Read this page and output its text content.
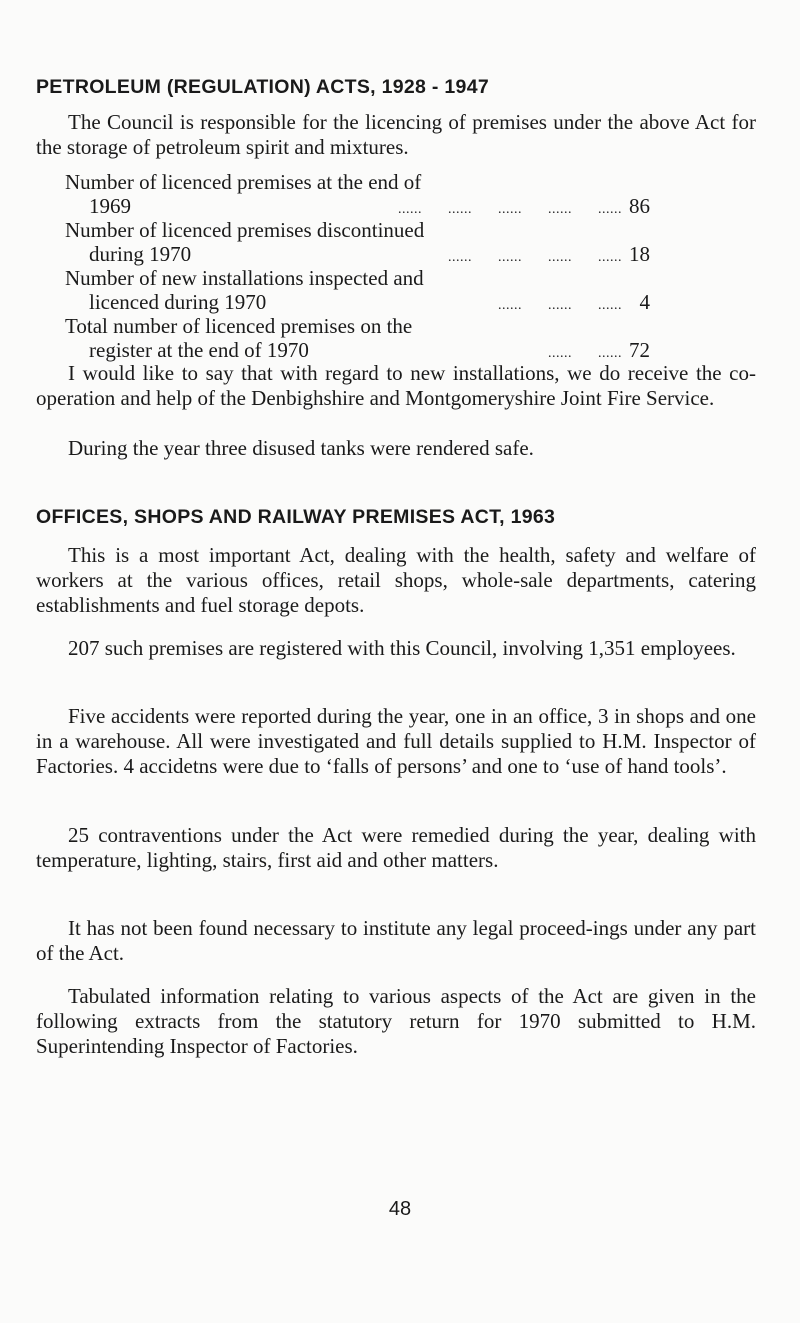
PETROLEUM (REGULATION) ACTS, 1928 - 1947

The Council is responsible for the licencing of premises under the above Act for the storage of petroleum spirit and mixtures.

Number of licenced premises at the end of
1969	...... ...... ...... ...... ...... 86
Number of licenced premises discontinued
during 1970	...... ...... ...... ...... 18
Number of new installations inspected and
licenced during 1970	...... ...... ...... 4
Total number of licenced premises on the
register at the end of 1970	...... ...... 72

I would like to say that with regard to new installations, we do receive the co-operation and help of the Denbighshire and Montgomeryshire Joint Fire Service.

During the year three disused tanks were rendered safe.

OFFICES, SHOPS AND RAILWAY PREMISES ACT, 1963

This is a most important Act, dealing with the health, safety and welfare of workers at the various offices, retail shops, whole-sale departments, catering establishments and fuel storage depots.

207 such premises are registered with this Council, involving 1,351 employees.

Five accidents were reported during the year, one in an office, 3 in shops and one in a warehouse. All were investigated and full details supplied to H.M. Inspector of Factories. 4 accidetns were due to ‘falls of persons’ and one to ‘use of hand tools’.

25 contraventions under the Act were remedied during the year, dealing with temperature, lighting, stairs, first aid and other matters.

It has not been found necessary to institute any legal proceed-ings under any part of the Act.

Tabulated information relating to various aspects of the Act are given in the following extracts from the statutory return for 1970 submitted to H.M. Superintending Inspector of Factories.

48
